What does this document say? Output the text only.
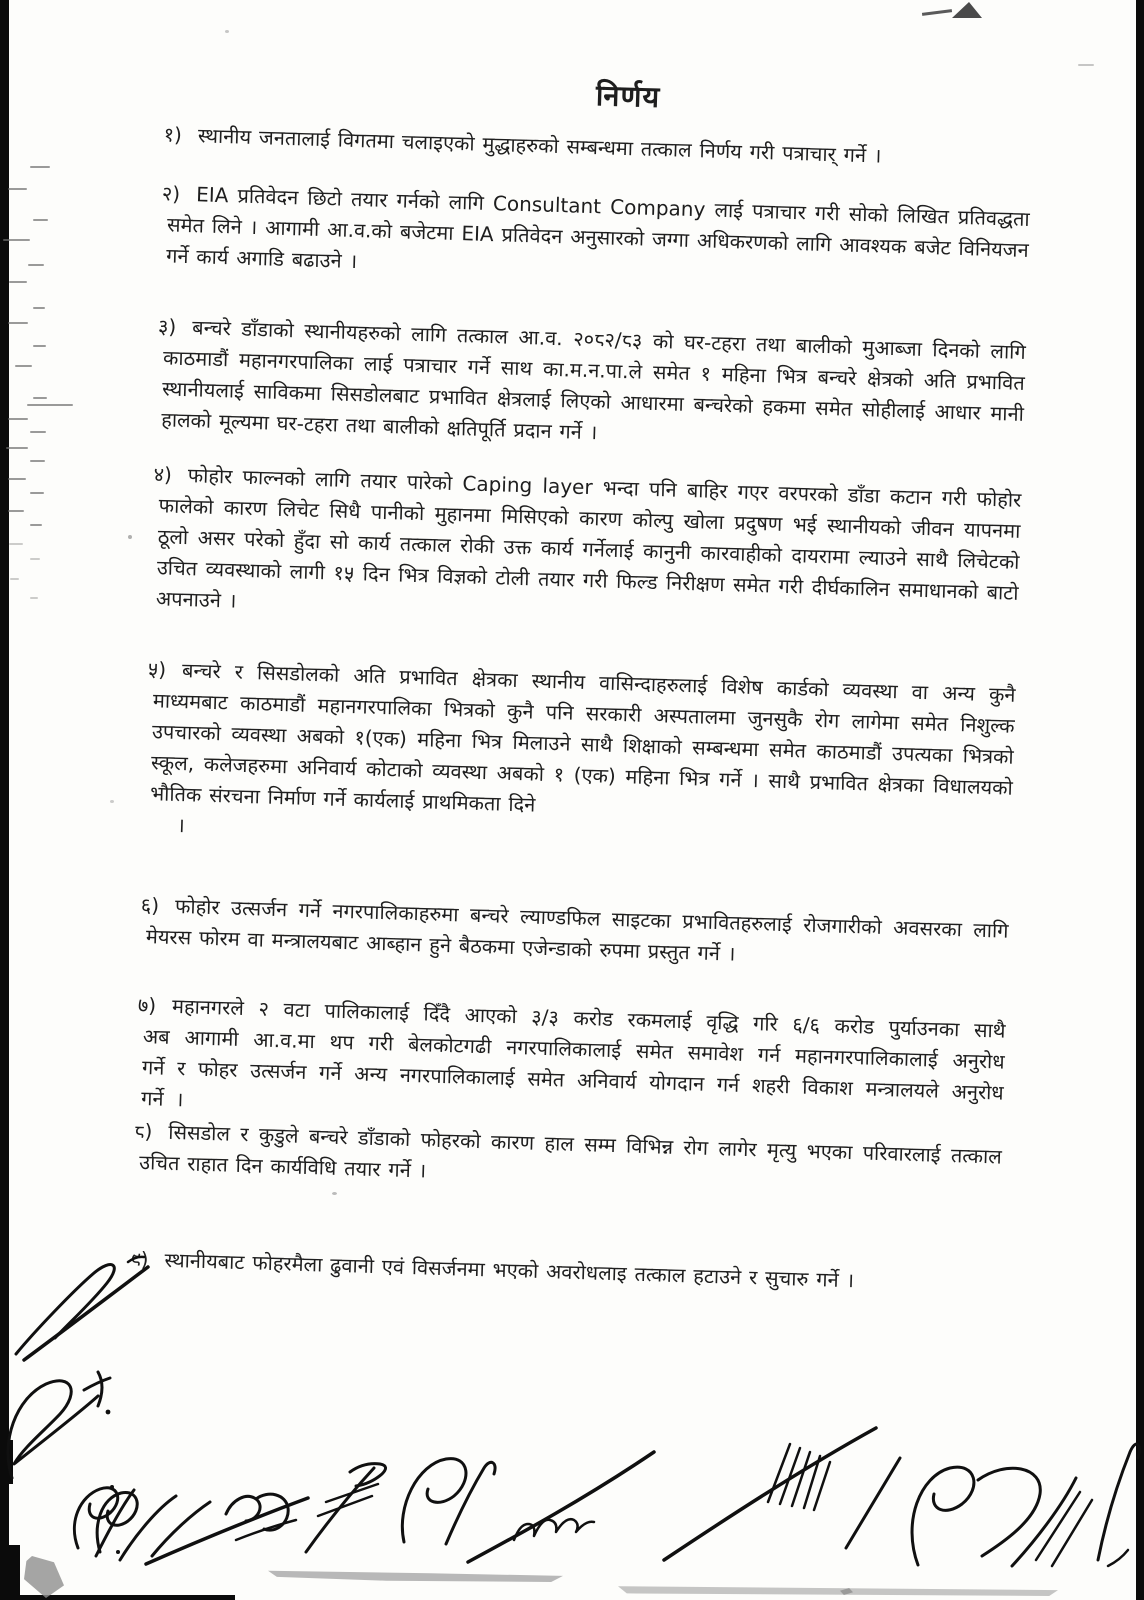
निर्णय

१) स्थानीय जनतालाई विगतमा चलाइएको मुद्धाहरुको सम्बन्धमा तत्काल निर्णय गरी पत्राचार् गर्ने ।

२) EIA प्रतिवेदन छिटो तयार गर्नको लागि Consultant Company लाई पत्राचार गरी सोको लिखित प्रतिवद्धता समेत लिने । आगामी आ.व.को बजेटमा EIA प्रतिवेदन अनुसारको जग्गा अधिकरणको लागि आवश्यक बजेट विनियजन गर्ने कार्य अगाडि बढाउने ।

३) बन्चरे डाँडाको स्थानीयहरुको लागि तत्काल आ.व. २०८२/८३ को घर-टहरा तथा बालीको मुआब्जा दिनको लागि काठमाडौं महानगरपालिका लाई पत्राचार गर्ने साथ का.म.न.पा.ले समेत १ महिना भित्र बन्चरे क्षेत्रको अति प्रभावित स्थानीयलाई साविकमा सिसडोलबाट प्रभावित क्षेत्रलाई लिएको आधारमा बन्चरेको हकमा समेत सोहीलाई आधार मानी हालको मूल्यमा घर-टहरा तथा बालीको क्षतिपूर्ति प्रदान गर्ने ।

४) फोहोर फाल्नको लागि तयार पारेको Caping layer भन्दा पनि बाहिर गएर वरपरको डाँडा कटान गरी फोहोर फालेको कारण लिचेट सिधै पानीको मुहानमा मिसिएको कारण कोल्पु खोला प्रदुषण भई स्थानीयको जीवन यापनमा ठूलो असर परेको हुँदा सो कार्य तत्काल रोकी उक्त कार्य गर्नेलाई कानुनी कारवाहीको दायरामा ल्याउने साथै लिचेटको उचित व्यवस्थाको लागी १५ दिन भित्र विज्ञको टोली तयार गरी फिल्ड निरीक्षण समेत गरी दीर्घकालिन समाधानको बाटो अपनाउने ।

५) बन्चरे र सिसडोलको अति प्रभावित क्षेत्रका स्थानीय वासिन्दाहरुलाई विशेष कार्डको व्यवस्था वा अन्य कुनै माध्यमबाट काठमाडौं महानगरपालिका भित्रको कुनै पनि सरकारी अस्पतालमा जुनसुकै रोग लागेमा समेत निशुल्क उपचारको व्यवस्था अबको १(एक) महिना भित्र मिलाउने साथै शिक्षाको सम्बन्धमा समेत काठमाडौं उपत्यका भित्रको स्कूल, कलेजहरुमा अनिवार्य कोटाको व्यवस्था अबको १ (एक) महिना भित्र गर्ने । साथै प्रभावित क्षेत्रका विधालयको भौतिक संरचना निर्माण गर्ने कार्यलाई प्राथमिकता दिने
।

६) फोहोर उत्सर्जन गर्ने नगरपालिकाहरुमा बन्चरे ल्याण्डफिल साइटका प्रभावितहरुलाई रोजगारीको अवसरका लागि मेयरस फोरम वा मन्त्रालयबाट आब्हान हुने बैठकमा एजेन्डाको रुपमा प्रस्तुत गर्ने ।

७) महानगरले २ वटा पालिकालाई दिँदै आएको ३/३ करोड रकमलाई वृद्धि गरि ६/६ करोड पुर्याउनका साथै अब आगामी आ.व.मा थप गरी बेलकोटगढी नगरपालिकालाई समेत समावेश गर्न महानगरपालिकालाई अनुरोध गर्ने र फोहर उत्सर्जन गर्ने अन्य नगरपालिकालाई समेत अनिवार्य योगदान गर्न शहरी विकाश मन्त्रालयले अनुरोध गर्ने ।

८) सिसडोल र कुडुले बन्चरे डाँडाको फोहरको कारण हाल सम्म विभिन्न रोग लागेर मृत्यु भएका परिवारलाई तत्काल उचित राहात दिन कार्यविधि तयार गर्ने ।

९) स्थानीयबाट फोहरमैला ढुवानी एवं विसर्जनमा भएको अवरोधलाइ तत्काल हटाउने र सुचारु गर्ने ।
